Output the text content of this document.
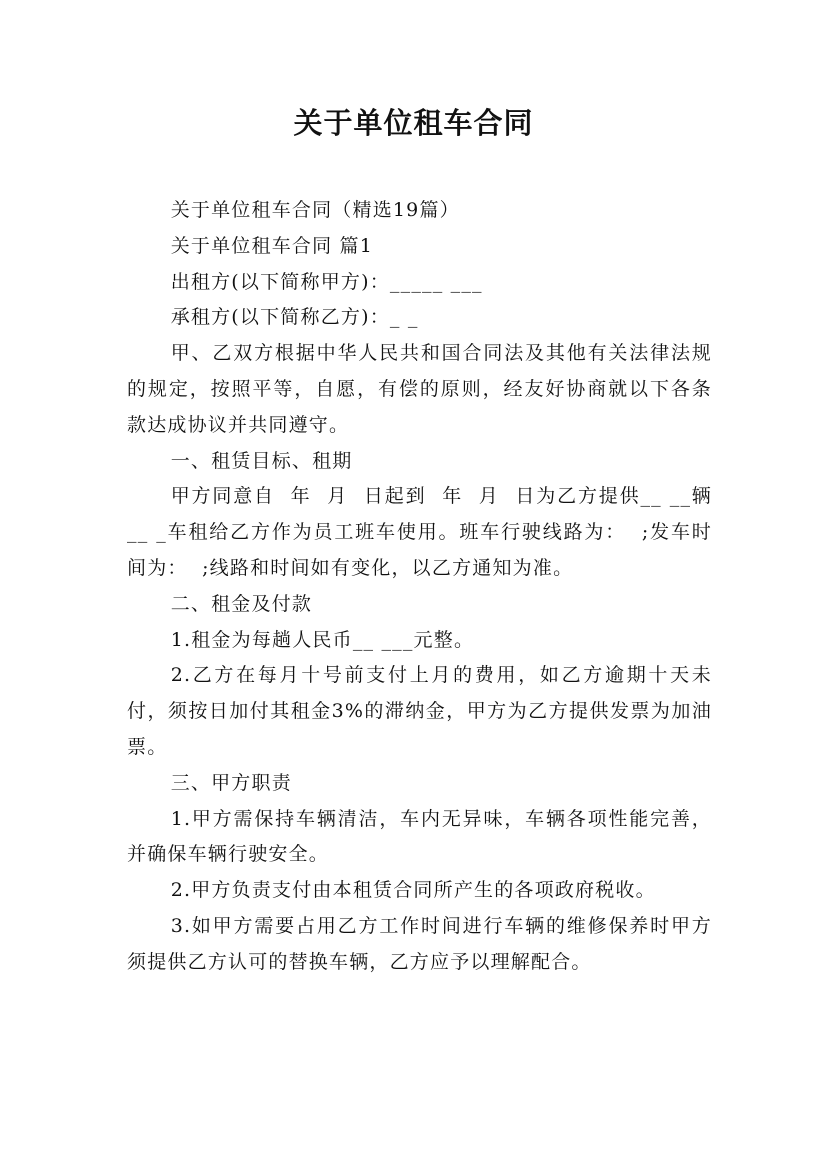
关于单位租车合同

关于单位租车合同（精选19篇）

关于单位租车合同 篇1

出租方(以下简称甲方)：_____ ___

承租方(以下简称乙方)：_ _

甲、乙双方根据中华人民共和国合同法及其他有关法律法规的规定，按照平等，自愿，有偿的原则，经友好协商就以下各条款达成协议并共同遵守。

一、租赁目标、租期

甲方同意自  年  月  日起到  年  月  日为乙方提供__ __辆__ _车租给乙方作为员工班车使用。班车行驶线路为：  ;发车时间为：  ;线路和时间如有变化，以乙方通知为准。

二、租金及付款

1.租金为每趟人民币__ ___元整。

2.乙方在每月十号前支付上月的费用，如乙方逾期十天未付，须按日加付其租金3%的滞纳金，甲方为乙方提供发票为加油票。

三、甲方职责

1.甲方需保持车辆清洁，车内无异味，车辆各项性能完善，并确保车辆行驶安全。

2.甲方负责支付由本租赁合同所产生的各项政府税收。

3.如甲方需要占用乙方工作时间进行车辆的维修保养时甲方须提供乙方认可的替换车辆，乙方应予以理解配合。
